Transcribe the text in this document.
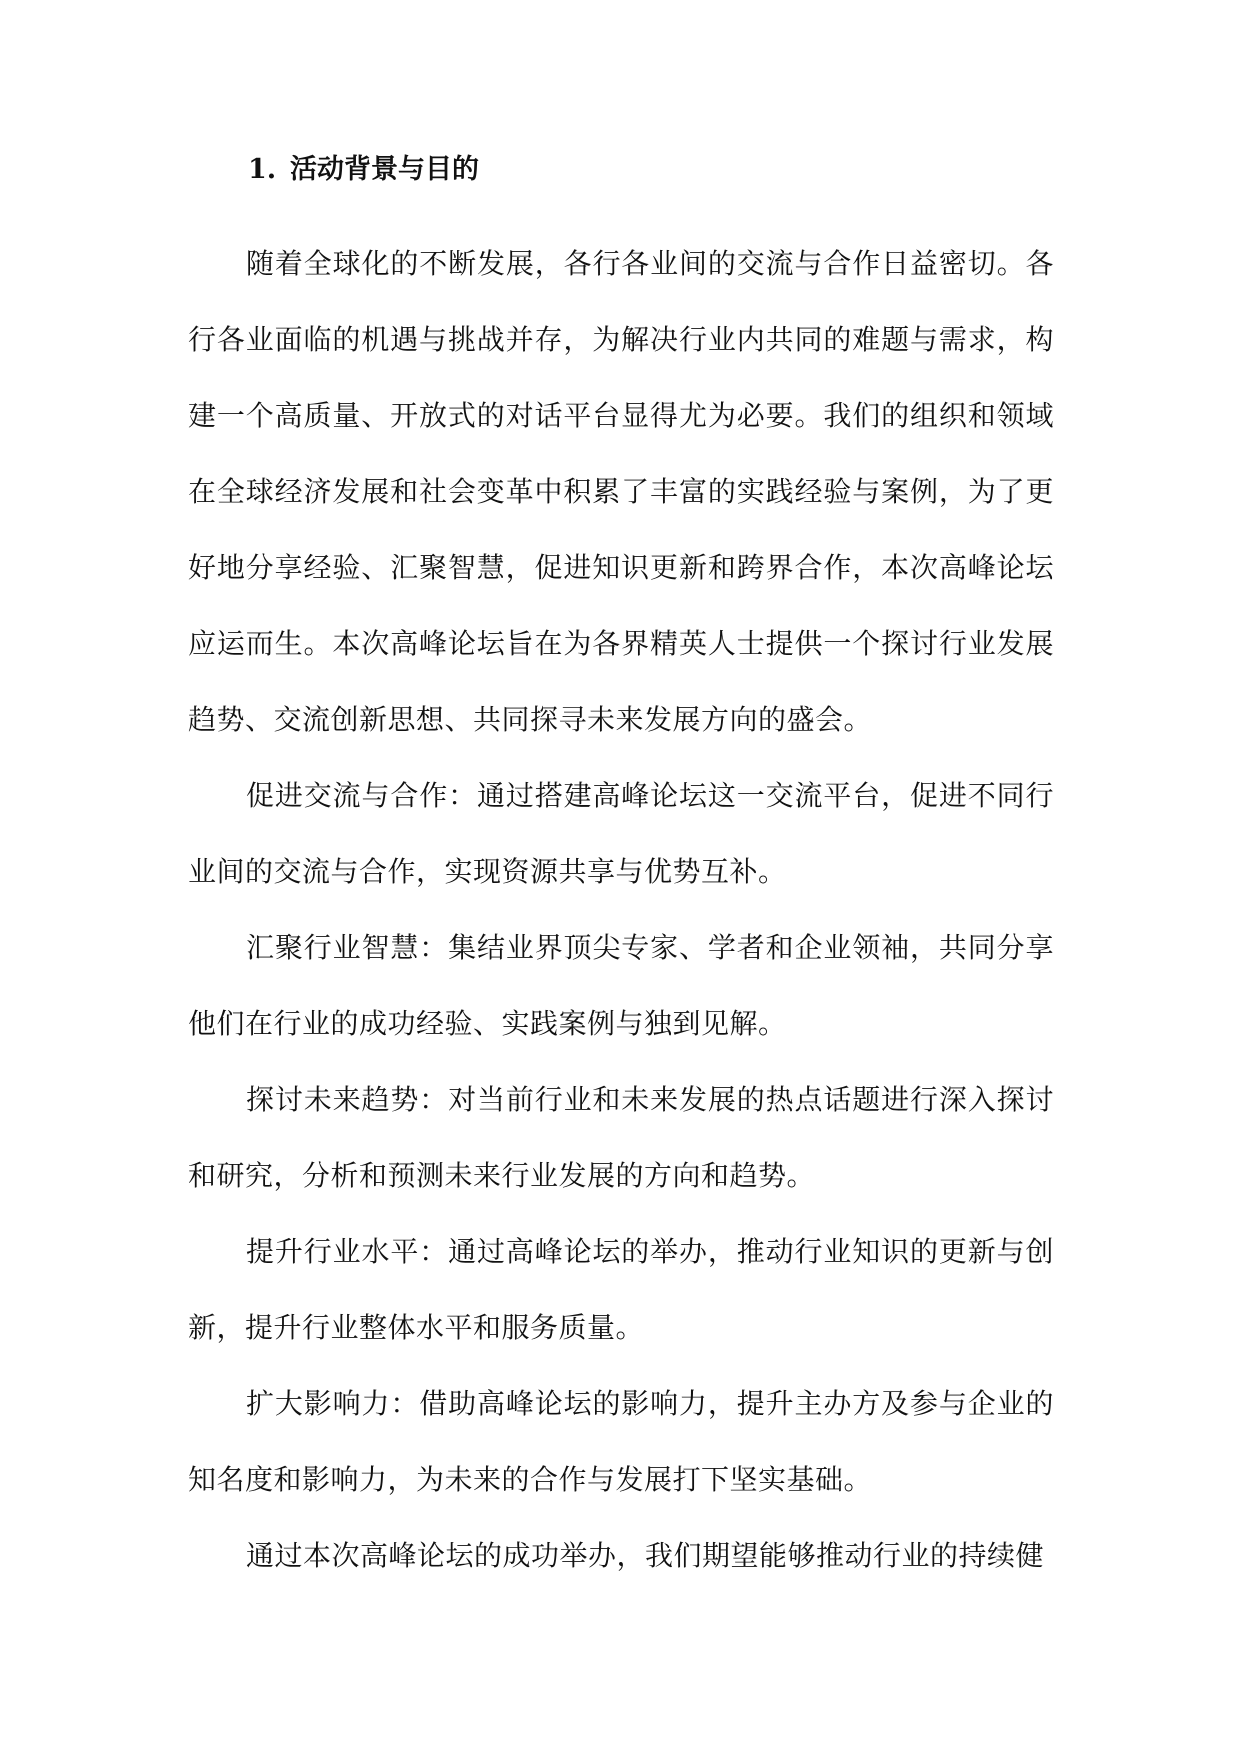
1. 活动背景与目的

随着全球化的不断发展，各行各业间的交流与合作日益密切。各行各业面临的机遇与挑战并存，为解决行业内共同的难题与需求，构建一个高质量、开放式的对话平台显得尤为必要。我们的组织和领域在全球经济发展和社会变革中积累了丰富的实践经验与案例，为了更好地分享经验、汇聚智慧，促进知识更新和跨界合作，本次高峰论坛应运而生。本次高峰论坛旨在为各界精英人士提供一个探讨行业发展趋势、交流创新思想、共同探寻未来发展方向的盛会。

促进交流与合作：通过搭建高峰论坛这一交流平台，促进不同行业间的交流与合作，实现资源共享与优势互补。

汇聚行业智慧：集结业界顶尖专家、学者和企业领袖，共同分享他们在行业的成功经验、实践案例与独到见解。

探讨未来趋势：对当前行业和未来发展的热点话题进行深入探讨和研究，分析和预测未来行业发展的方向和趋势。

提升行业水平：通过高峰论坛的举办，推动行业知识的更新与创新，提升行业整体水平和服务质量。

扩大影响力：借助高峰论坛的影响力，提升主办方及参与企业的知名度和影响力，为未来的合作与发展打下坚实基础。

通过本次高峰论坛的成功举办，我们期望能够推动行业的持续健
